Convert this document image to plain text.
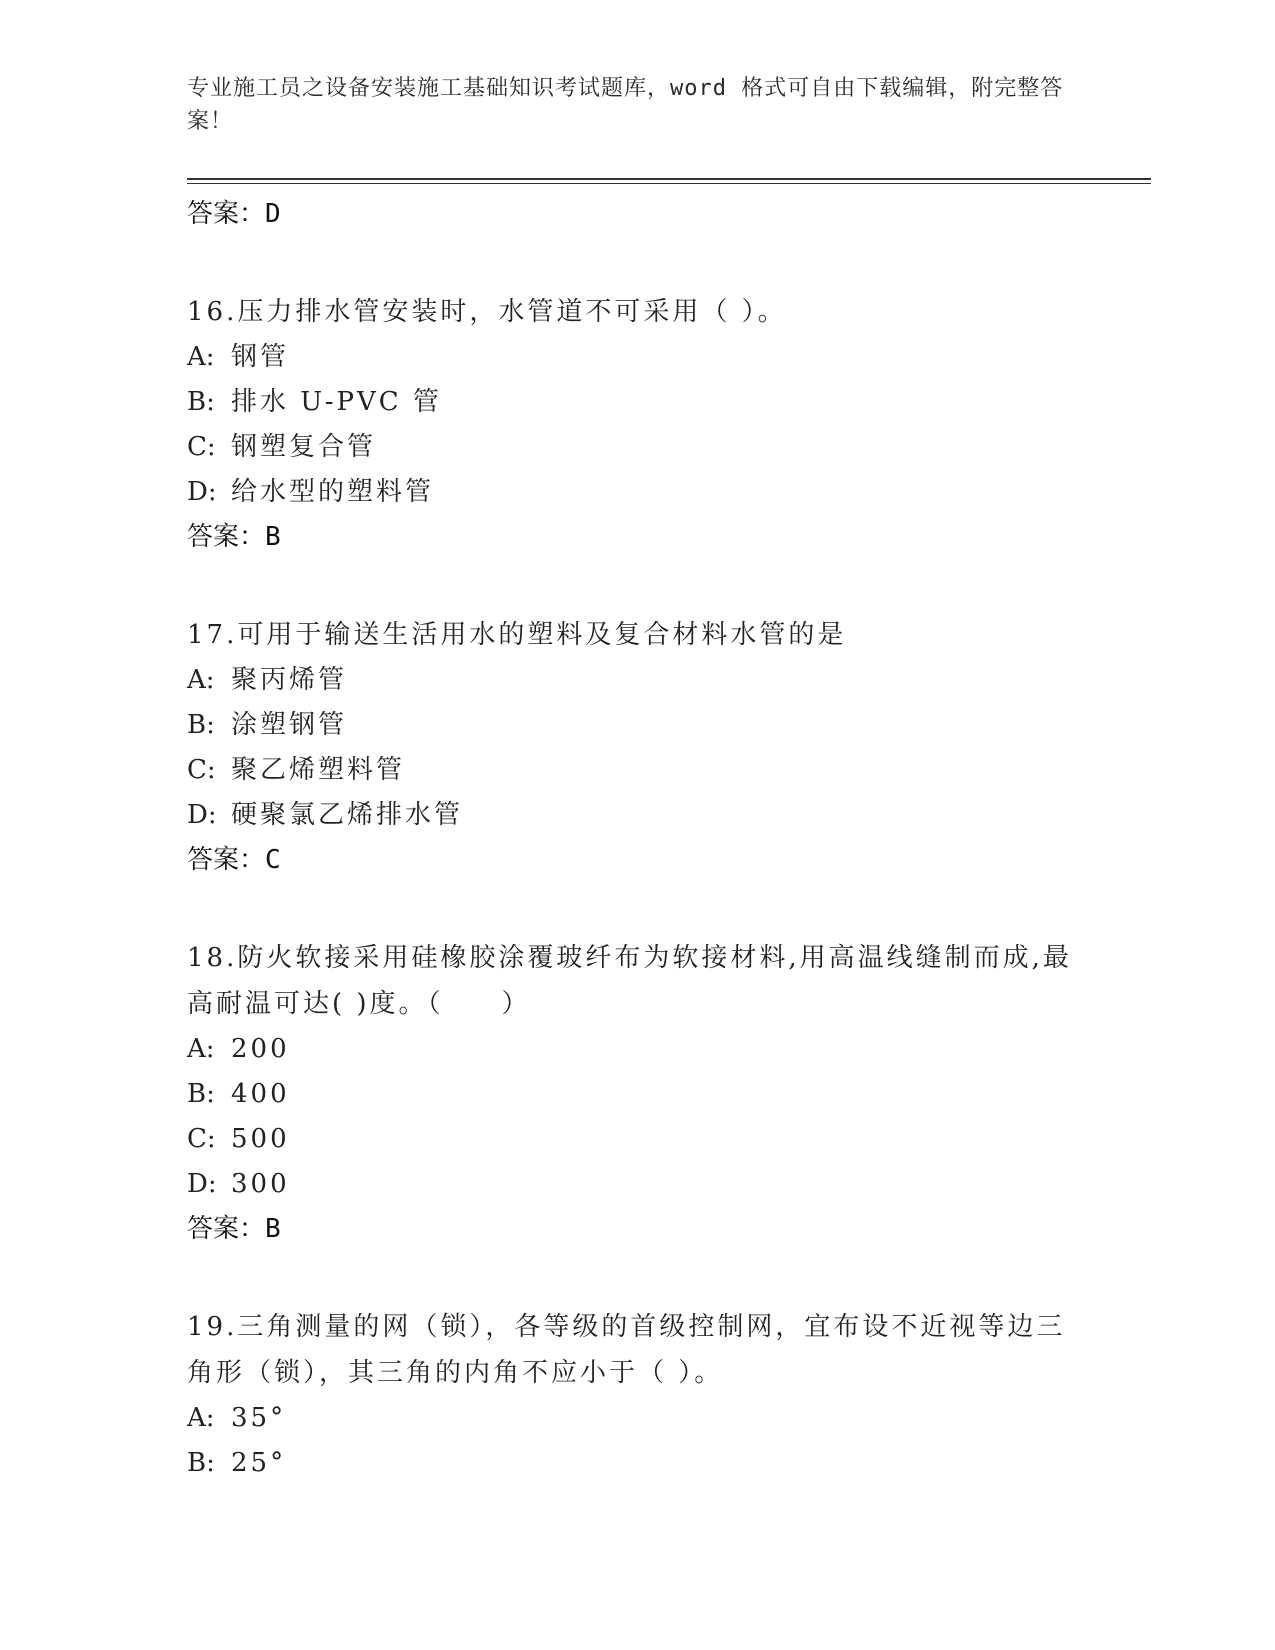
专业施工员之设备安装施工基础知识考试题库，word 格式可自由下载编辑，附完整答案！
答案：D
16.压力排水管安装时，水管道不可采用（ ）。
A: 钢管
B: 排水 U-PVC 管
C: 钢塑复合管
D: 给水型的塑料管
答案：B
17.可用于输送生活用水的塑料及复合材料水管的是
A: 聚丙烯管
B: 涂塑钢管
C: 聚乙烯塑料管
D: 硬聚氯乙烯排水管
答案：C
18.防火软接采用硅橡胶涂覆玻纤布为软接材料,用高温线缝制而成,最高耐温可达( )度。（　　）
A: 200
B: 400
C: 500
D: 300
答案：B
19.三角测量的网（锁），各等级的首级控制网，宜布设不近视等边三角形（锁），其三角的内角不应小于（ ）。
A: 35°
B: 25°
